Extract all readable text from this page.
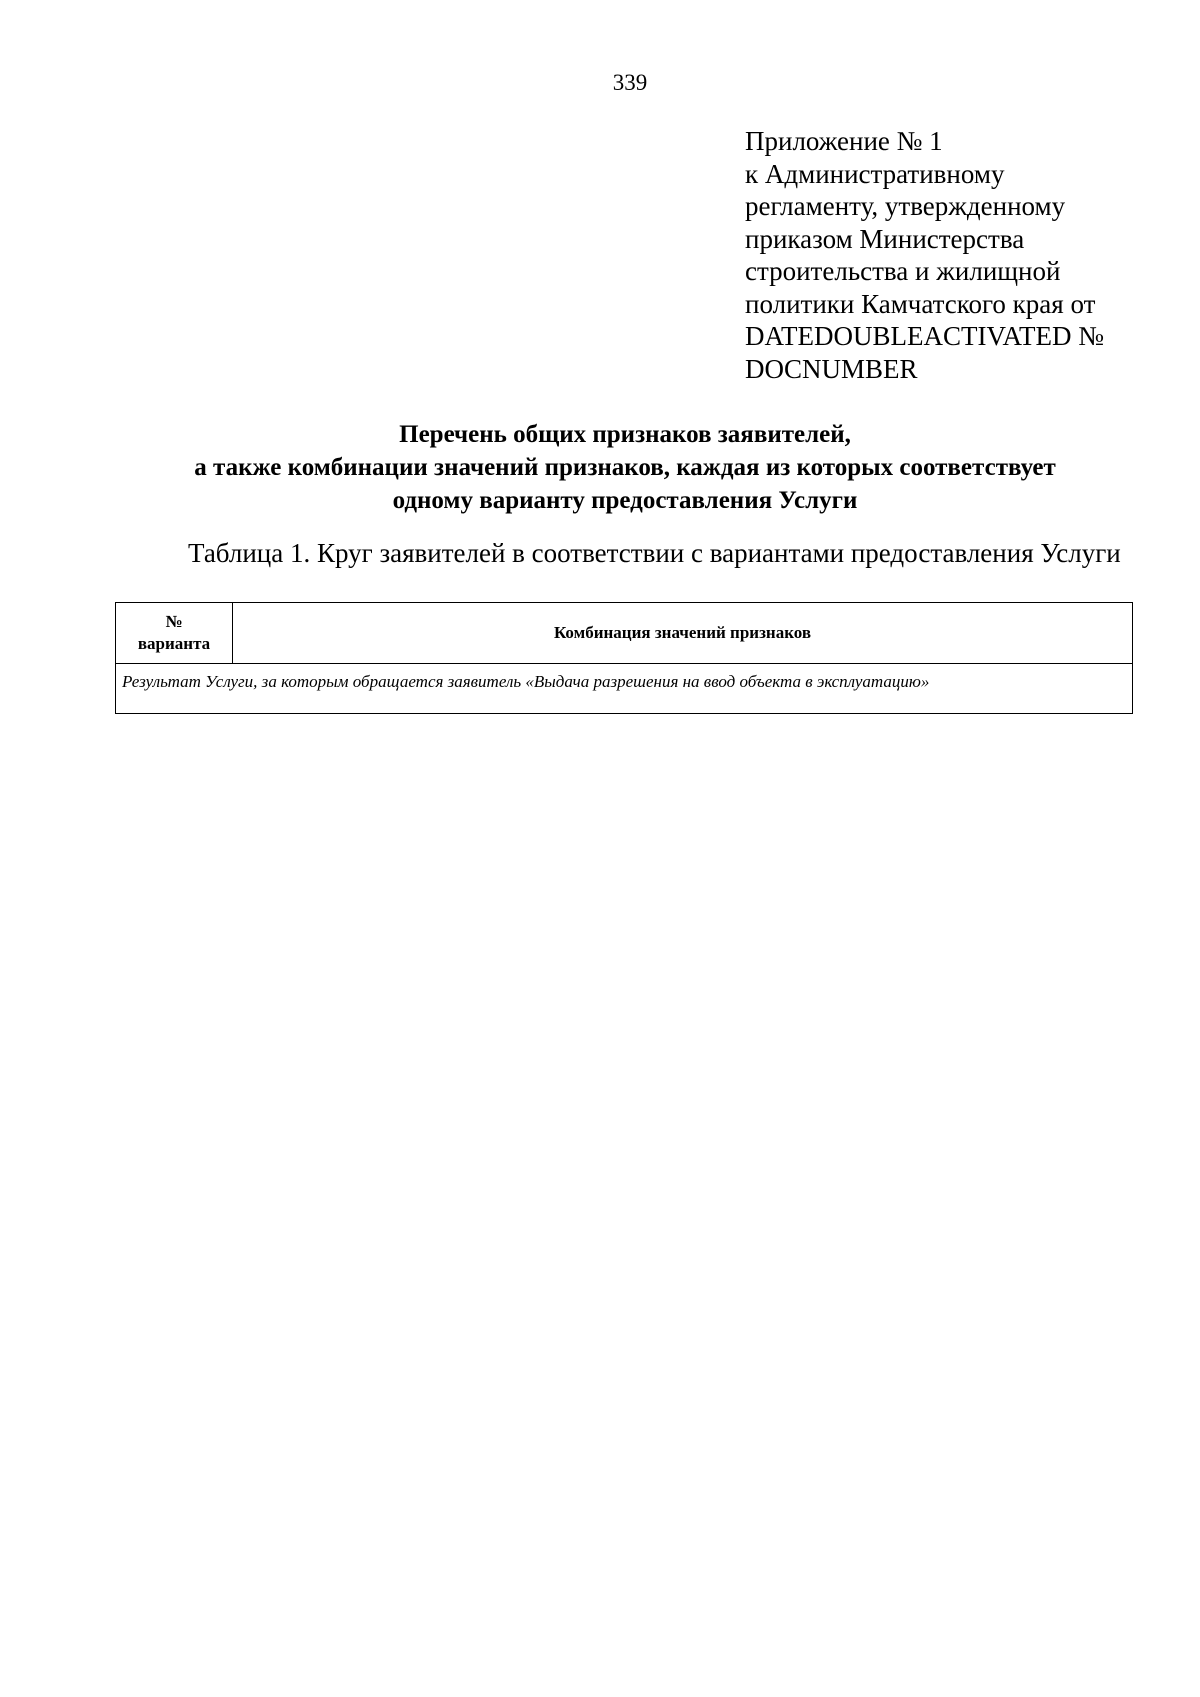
339
Приложение № 1
к Административному
регламенту, утвержденному
приказом Министерства
строительства и жилищной
политики Камчатского края от
DATEDOUBLEACTIVATED №
DOCNUMBER
Перечень общих признаков заявителей,
а также комбинации значений признаков, каждая из которых соответствует
одному варианту предоставления Услуги
Таблица 1. Круг заявителей в соответствии с вариантами предоставления Услуги
№
варианта	Комбинация значений признаков
Результат Услуги, за которым обращается заявитель «Выдача разрешения на ввод объекта в эксплуатацию»
